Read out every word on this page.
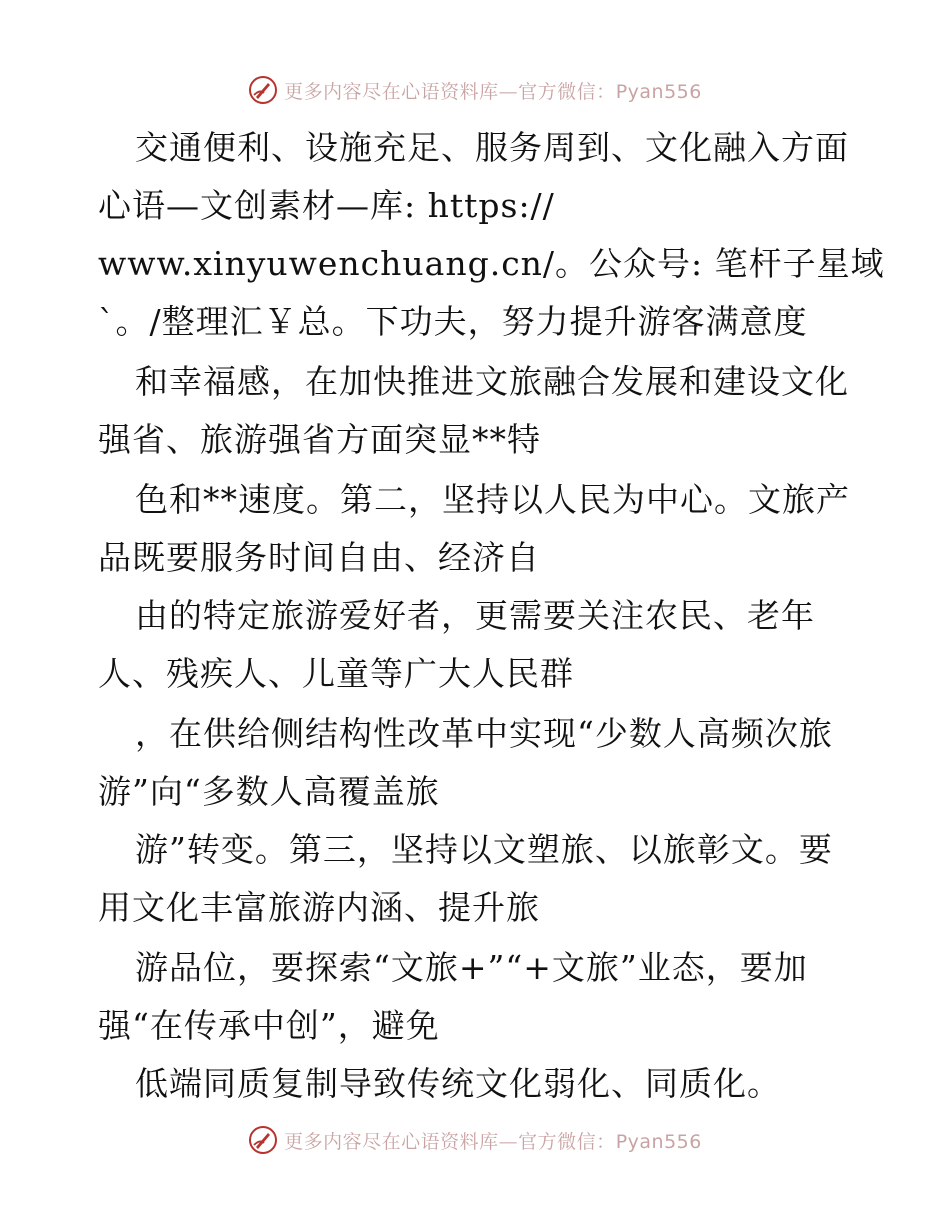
更多内容尽在心语资料库—官方微信：Pyan556
交通便利、设施充足、服务周到、文化融入方面
心语—文创素材—库: https://
www.xinyuwenchuang.cn/。公众号: 笔杆子星域
`。/整理汇￥总。下功夫，努力提升游客满意度
和幸福感，在加快推进文旅融合发展和建设文化
强省、旅游强省方面突显**特
色和**速度。第二，坚持以人民为中心。文旅产
品既要服务时间自由、经济自
由的特定旅游爱好者，更需要关注农民、老年
人、残疾人、儿童等广大人民群
，在供给侧结构性改革中实现“少数人高频次旅
游”向“多数人高覆盖旅
游”转变。第三，坚持以文塑旅、以旅彰文。要
用文化丰富旅游内涵、提升旅
游品位，要探索“文旅+”“+文旅”业态，要加
强“在传承中创”，避免
低端同质复制导致传统文化弱化、同质化。
更多内容尽在心语资料库—官方微信：Pyan556
